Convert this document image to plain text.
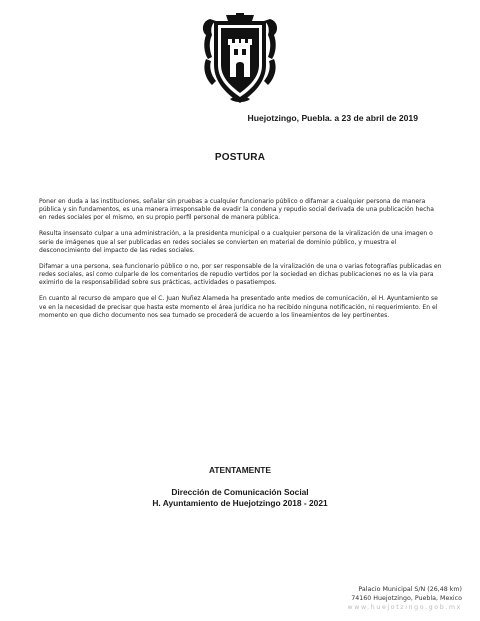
Huejotzingo, Puebla. a 23 de abril de 2019
POSTURA

Poner en duda a las instituciones, señalar sin pruebas a cualquier funcionario público o difamar a cualquier persona de manera pública y sin fundamentos, es una manera irresponsable de evadir la condena y repudio social derivada de una publicación hecha en redes sociales por el mismo, en su propio perfil personal de manera pública.

Resulta insensato culpar a una administración, a la presidenta municipal o a cualquier persona de la viralización de una imagen o serie de imágenes que al ser publicadas en redes sociales se convierten en material de dominio público, y muestra el desconocimiento del impacto de las redes sociales.

Difamar a una persona, sea funcionario público o no, por ser responsable de la viralización de una o varias fotografías publicadas en redes sociales, así como culparle de los comentarios de repudio vertidos por la sociedad en dichas publicaciones no es la vía para eximirlo de la responsabilidad sobre sus prácticas, actividades o pasatiempos.

En cuanto al recurso de amparo que el C. Juan Nuñez Alameda ha presentado ante medios de comunicación, el H. Ayuntamiento se ve en la necesidad de precisar que hasta este momento el área jurídica no ha recibido ninguna notificación, ni requerimiento. En el momento en que dicho documento nos sea turnado se procederá de acuerdo a los lineamientos de ley pertinentes.

ATENTAMENTE
Dirección de Comunicación Social
H. Ayuntamiento de Huejotzingo 2018 - 2021
Palacio Municipal S/N (26,48 km)
74160 Huejotzingo, Puebla, Mexico
www.huejotzingo.gob.mx
